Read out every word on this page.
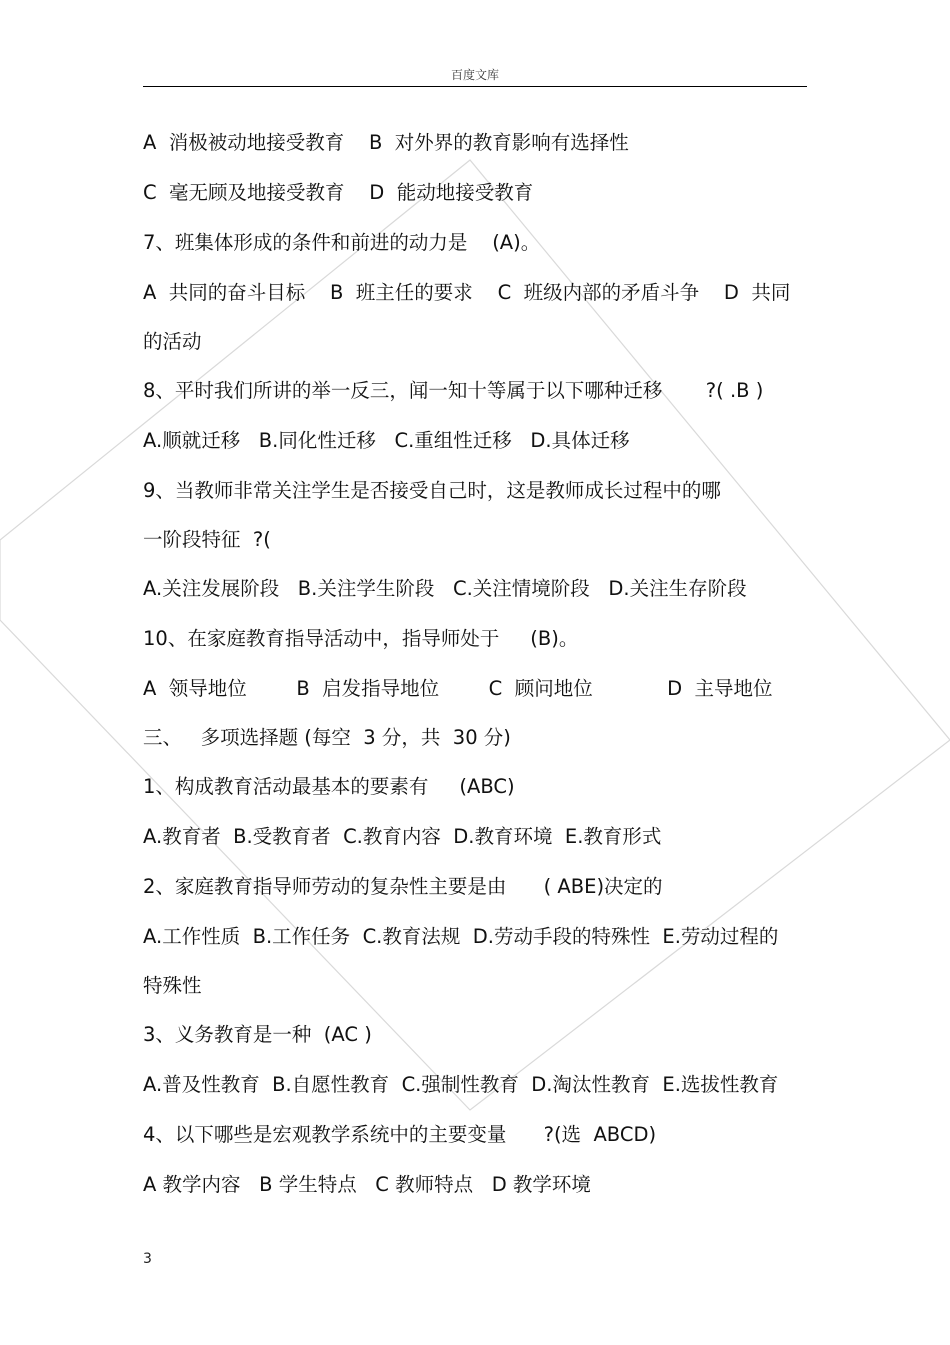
百度文库
A  消极被动地接受教育    B  对外界的教育影响有选择性
C  毫无顾及地接受教育    D  能动地接受教育
7、班集体形成的条件和前进的动力是    (A)。
A  共同的奋斗目标    B  班主任的要求    C  班级内部的矛盾斗争    D  共同
的活动
8、平时我们所讲的举一反三，闻一知十等属于以下哪种迁移       ?( .B )
A.顺就迁移   B.同化性迁移   C.重组性迁移   D.具体迁移
9、当教师非常关注学生是否接受自己时，这是教师成长过程中的哪
一阶段特征  ?(
A.关注发展阶段   B.关注学生阶段   C.关注情境阶段   D.关注生存阶段
10、在家庭教育指导活动中，指导师处于     (B)。
A  领导地位        B  启发指导地位        C  顾问地位            D  主导地位
三、   多项选择题 (每空  3 分，共  30 分)
1、构成教育活动最基本的要素有     (ABC)
A.教育者  B.受教育者  C.教育内容  D.教育环境  E.教育形式
2、家庭教育指导师劳动的复杂性主要是由      ( ABE)决定的
A.工作性质  B.工作任务  C.教育法规  D.劳动手段的特殊性  E.劳动过程的
特殊性
3、义务教育是一种  (AC )
A.普及性教育  B.自愿性教育  C.强制性教育  D.淘汰性教育  E.选拔性教育
4、以下哪些是宏观教学系统中的主要变量      ?(选  ABCD)
A 教学内容   B 学生特点   C 教师特点   D 教学环境
3
